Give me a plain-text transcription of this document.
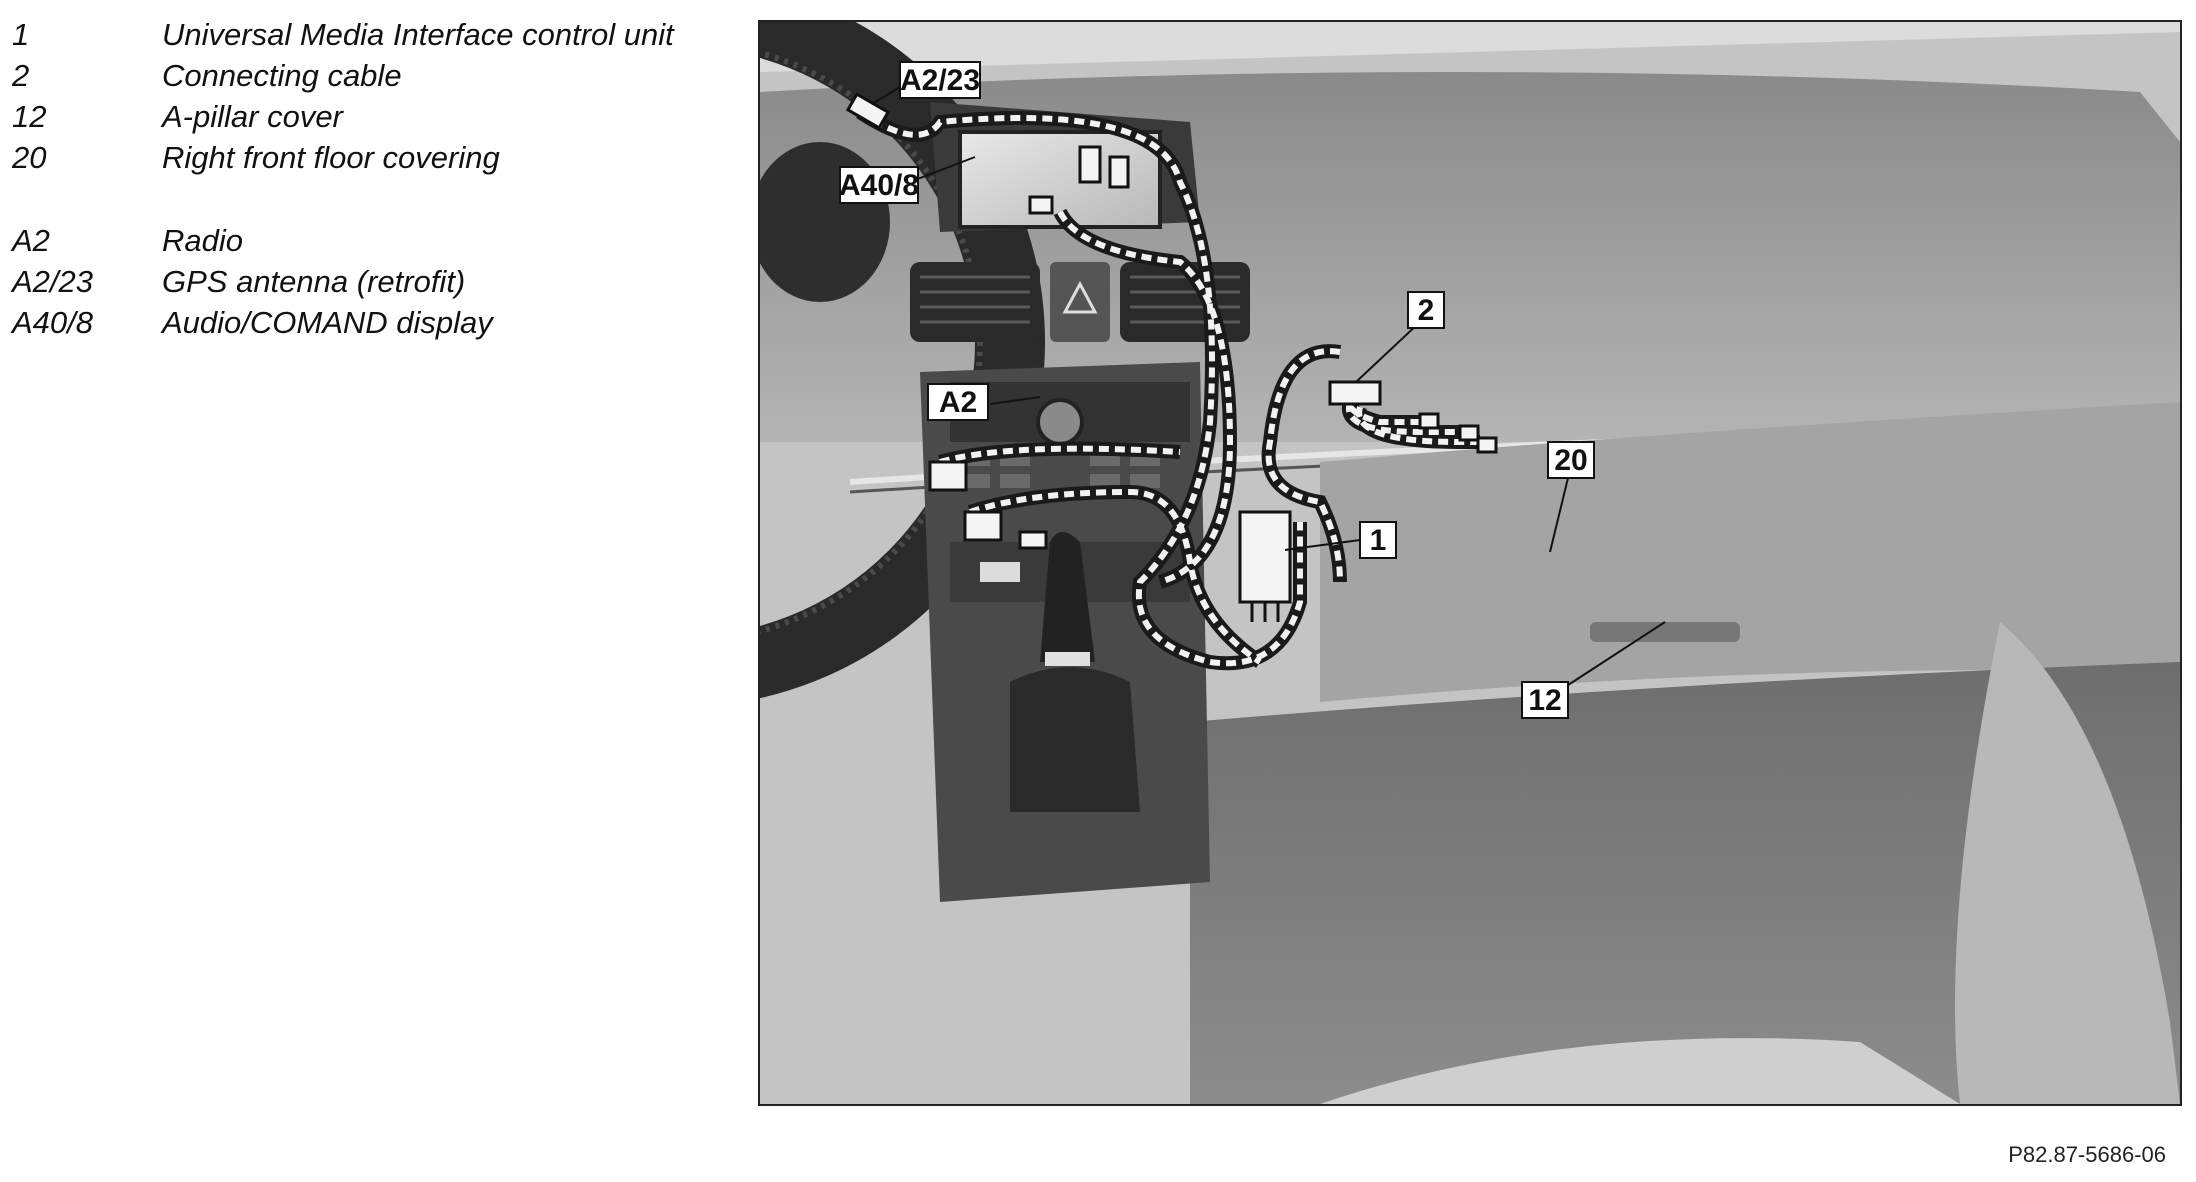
1	Universal Media Interface control unit
2	Connecting cable
12	A-pillar cover
20	Right front floor covering
A2	Radio
A2/23	GPS antenna (retrofit)
A40/8	Audio/COMAND display
A2/23
A40/8
A2
2
1
20
12
P82.87-5686-06
